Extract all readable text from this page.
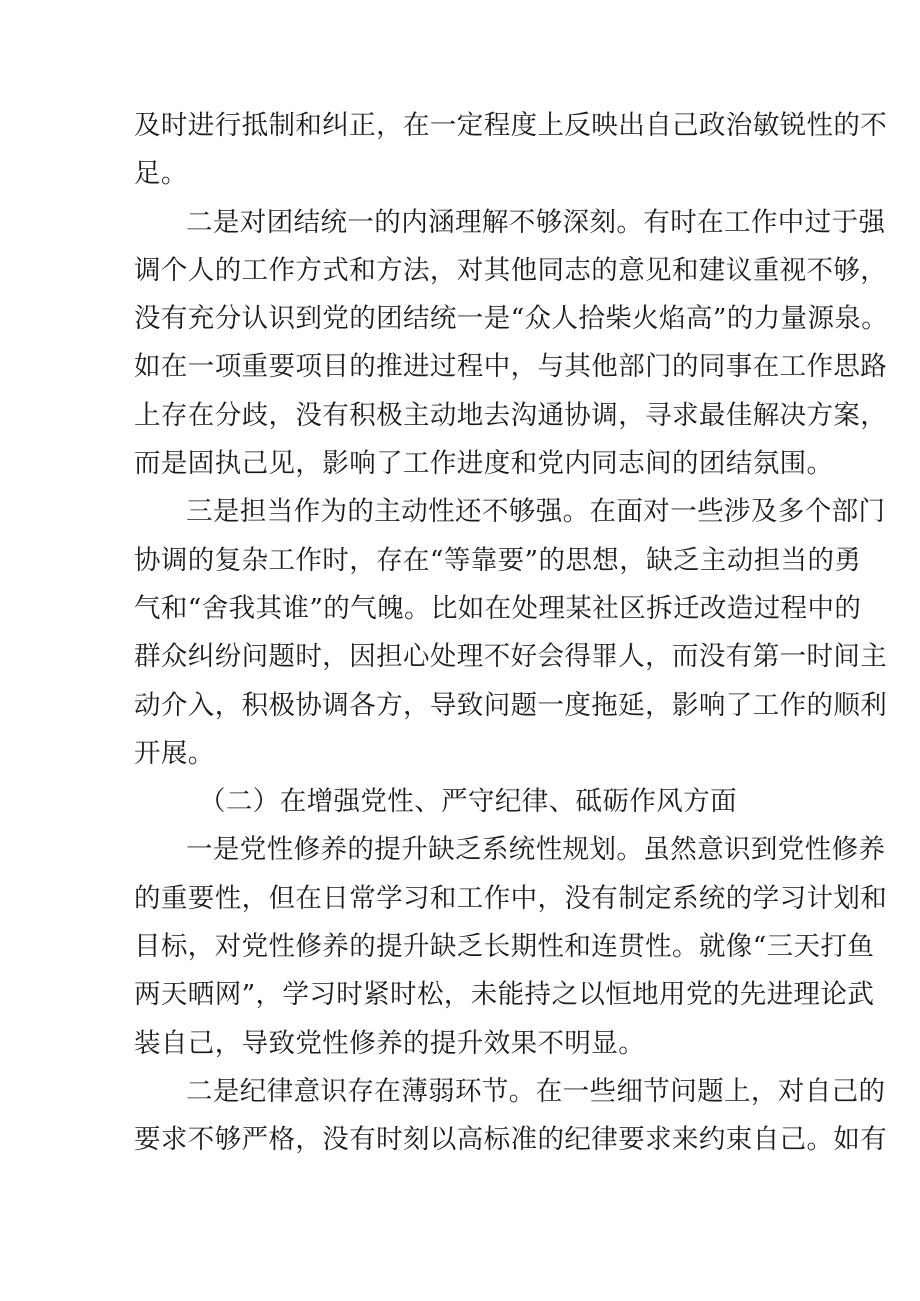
及时进行抵制和纠正，在一定程度上反映出自己政治敏锐性的不
足。
二是对团结统一的内涵理解不够深刻。有时在工作中过于强
调个人的工作方式和方法，对其他同志的意见和建议重视不够，
没有充分认识到党的团结统一是“众人拾柴火焰高”的力量源泉。
如在一项重要项目的推进过程中，与其他部门的同事在工作思路
上存在分歧，没有积极主动地去沟通协调，寻求最佳解决方案，
而是固执己见，影响了工作进度和党内同志间的团结氛围。
三是担当作为的主动性还不够强。在面对一些涉及多个部门
协调的复杂工作时，存在“等靠要”的思想，缺乏主动担当的勇
气和“舍我其谁”的气魄。比如在处理某社区拆迁改造过程中的
群众纠纷问题时，因担心处理不好会得罪人，而没有第一时间主
动介入，积极协调各方，导致问题一度拖延，影响了工作的顺利
开展。
（二）在增强党性、严守纪律、砥砺作风方面
一是党性修养的提升缺乏系统性规划。虽然意识到党性修养
的重要性，但在日常学习和工作中，没有制定系统的学习计划和
目标，对党性修养的提升缺乏长期性和连贯性。就像“三天打鱼
两天晒网”，学习时紧时松，未能持之以恒地用党的先进理论武
装自己，导致党性修养的提升效果不明显。
二是纪律意识存在薄弱环节。在一些细节问题上，对自己的
要求不够严格，没有时刻以高标准的纪律要求来约束自己。如有
